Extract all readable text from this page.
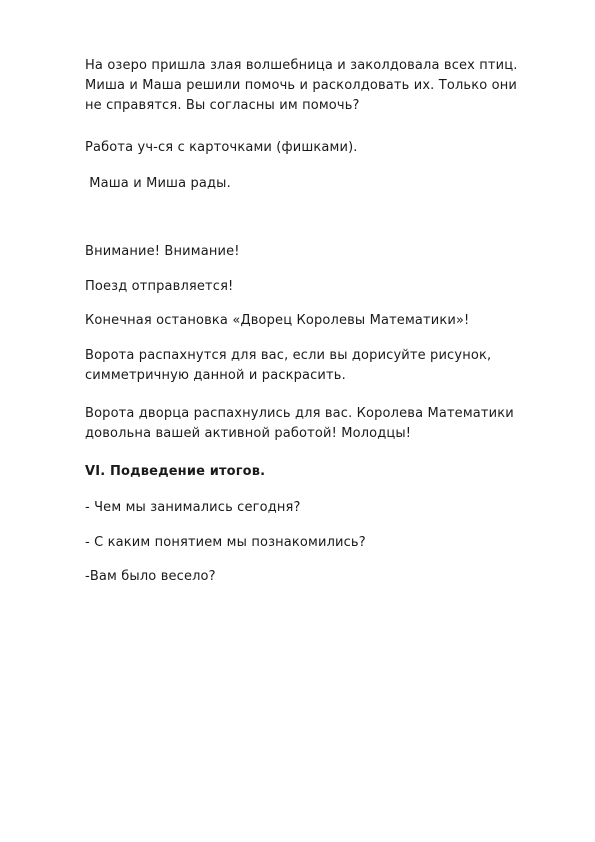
На озеро пришла злая волшебница и заколдовала всех птиц.
Миша и Маша решили помочь и расколдовать их. Только они
не справятся. Вы согласны им помочь?

Работа уч-ся с карточками (фишками).

Маша и Миша рады.

Внимание! Внимание!

Поезд отправляется!

Конечная остановка «Дворец Королевы Математики»!

Ворота распахнутся для вас, если вы дорисуйте рисунок,
симметричную данной и раскрасить.

Ворота дворца распахнулись для вас. Королева Математики
довольна вашей активной работой! Молодцы!

VI. Подведение итогов.

- Чем мы занимались сегодня?

- С каким понятием мы познакомились?

-Вам было весело?
